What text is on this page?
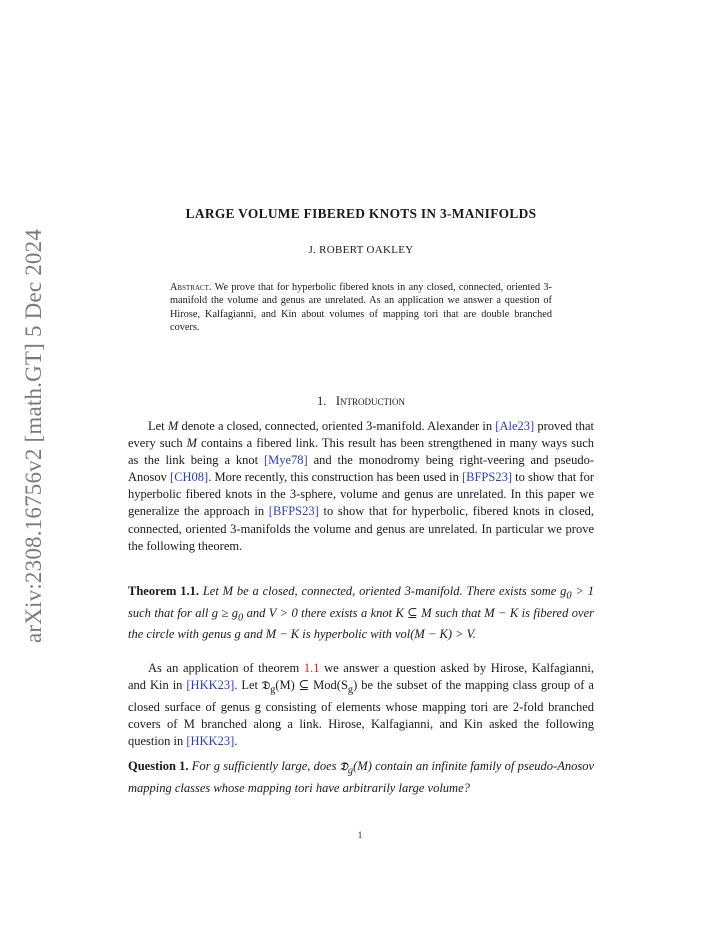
arXiv:2308.16756v2 [math.GT] 5 Dec 2024
LARGE VOLUME FIBERED KNOTS IN 3-MANIFOLDS
J. ROBERT OAKLEY
Abstract. We prove that for hyperbolic fibered knots in any closed, connected, oriented 3-manifold the volume and genus are unrelated. As an application we answer a question of Hirose, Kalfagianni, and Kin about volumes of mapping tori that are double branched covers.
1. Introduction
Let M denote a closed, connected, oriented 3-manifold. Alexander in [Ale23] proved that every such M contains a fibered link. This result has been strengthened in many ways such as the link being a knot [Mye78] and the monodromy being right-veering and pseudo-Anosov [CH08]. More recently, this construction has been used in [BFPS23] to show that for hyperbolic fibered knots in the 3-sphere, volume and genus are unrelated. In this paper we generalize the approach in [BFPS23] to show that for hyperbolic, fibered knots in closed, connected, oriented 3-manifolds the volume and genus are unrelated. In particular we prove the following theorem.
Theorem 1.1. Let M be a closed, connected, oriented 3-manifold. There exists some $g_0 > 1$ such that for all $g \ge g_0$ and V > 0 there exists a knot K ⊆ M such that M − K is fibered over the circle with genus g and M − K is hyperbolic with vol(M − K) > V.
As an application of theorem 1.1 we answer a question asked by Hirose, Kalfagianni, and Kin in [HKK23]. Let 𝔇$_g$(M) ⊆ $Mod(S_g)$ be the subset of the mapping class group of a closed surface of genus g consisting of elements whose mapping tori are 2-fold branched covers of M branched along a link. Hirose, Kalfagianni, and Kin asked the following question in [HKK23].
Question 1. For g sufficiently large, does 𝔇$_g$(M) contain an infinite family of pseudo-Anosov mapping classes whose mapping tori have arbitrarily large volume?
1
